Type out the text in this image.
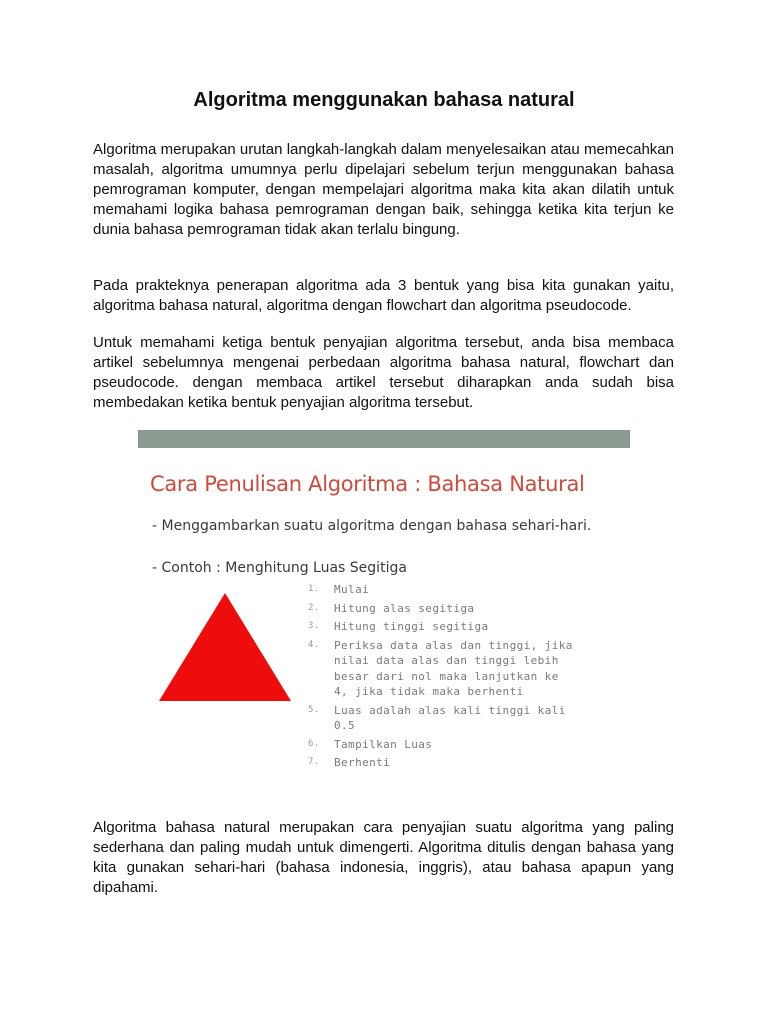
Algoritma menggunakan bahasa natural

Algoritma merupakan urutan langkah-langkah dalam menyelesaikan atau memecahkan masalah, algoritma umumnya perlu dipelajari sebelum terjun menggunakan bahasa pemrograman komputer, dengan mempelajari algoritma maka kita akan dilatih untuk memahami logika bahasa pemrograman dengan baik, sehingga ketika kita terjun ke dunia bahasa pemrograman tidak akan terlalu bingung.

Pada prakteknya penerapan algoritma ada 3 bentuk yang bisa kita gunakan yaitu, algoritma bahasa natural, algoritma dengan flowchart dan algoritma pseudocode.

Untuk memahami ketiga bentuk penyajian algoritma tersebut, anda bisa membaca artikel sebelumnya mengenai perbedaan algoritma bahasa natural, flowchart dan pseudocode. dengan membaca artikel tersebut diharapkan anda sudah bisa membedakan ketika bentuk penyajian algoritma tersebut.

Cara Penulisan Algoritma : Bahasa Natural
- Menggambarkan suatu algoritma dengan bahasa sehari-hari.
- Contoh : Menghitung Luas Segitiga
1.	Mulai
2.	Hitung alas segitiga
3.	Hitung tinggi segitiga
4.	Periksa data alas dan tinggi, jika
nilai data alas dan tinggi lebih
besar dari nol maka lanjutkan ke
4, jika tidak maka berhenti
5.	Luas adalah alas kali tinggi kali
0.5
6.	Tampilkan Luas
7.	Berhenti

Algoritma bahasa natural merupakan cara penyajian suatu algoritma yang paling sederhana dan paling mudah untuk dimengerti. Algoritma ditulis dengan bahasa yang kita gunakan sehari-hari (bahasa indonesia, inggris), atau bahasa apapun yang dipahami.
